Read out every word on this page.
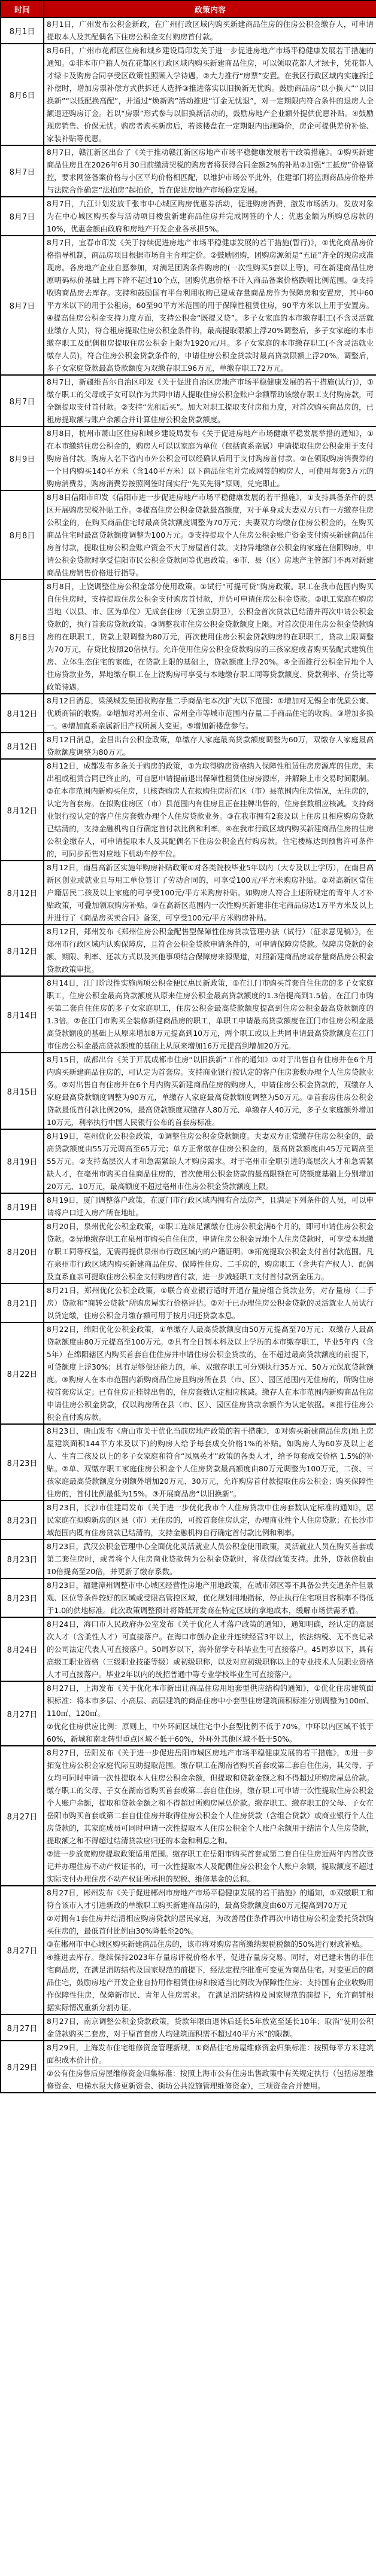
时间	政策内容
8月1日	8月1日，广州发布公积金新政，在广州行政区域内购买新建商品住房的住房公积金缴存人，可申请提取本人及其配偶名下住房公积金支付购房首付款。

8月6日	8月6日，广州市花都区住房和城乡建设局印发关于进一步促进房地产市场平稳健康发展若干措施的通知。①非本市户籍人员在花都区行政区域内购买新建商品住房，可以领取花都人才绿卡，凭花都人才绿卡及购房合同享受区政策性照顾入学待遇。②大力推行“房票”安置。在我区行政区域内实施拆迁补偿时，增加房票补偿方式供拆迁人选择③推进落实以旧换新无忧购。鼓励商品房“以小换大”“以旧换新”“以低配换高配”，并通过“焕新购”活动推进“订金无忧退”，对一定期限内符合条件的退房人全额退还购房订金。若以“房票”形式参与以旧换新活动的，鼓励房地产企业额外提供优惠补贴。④鼓励现房销售、价保无忧。购房者购买新房后，若该楼盘在一定期限内出现降价，房企可提供差价补偿、家装补贴等优惠。

8月7日	8月7日，赣江新区出台了《关于推动赣江新区房地产市场平稳健康发展若干政策措施》。①购买新建商品住房且在2026年6月30日前缴清契税的购房者将获得合同金额2%的补贴②加强“工抵房”价格管控，要求网签备案价格与小区平均价格相匹配，以维护市场公平此外，住建部门将监测商品房价格并与法院合作确定“法拍房”起拍价，旨在促进房地产市场稳定发展。

8月7日	8月7日，九江计划发放千张市中心城区购房优惠券活动，促进购房消费，激发市场活力。发放对象为在中心城区购买参与活动项目楼盘新建商品住房并完成网签的个人；优惠金额为所购总房款的10%，优惠金额由政府和房地产开发企业各承担5%。

8月7日	8月7日，宜春市印发《关于持续促进房地产市场平稳健康发展的若干措施(暂行)》，①优化商品房价格指导机制，商品房项目根据市场自主合理定价。②鼓励团购，团购房源须是“五证”齐全的现房或准现房。各房地产企业自愿参加，对满足团购条件购房的(一次性购买5套以上等)，可在新建商品住房原明码标价基础上再下降不超过10个点，团购优惠价格不计入商品备案价格跌幅比例范围。③支持收购商品房去库存。支持和鼓励国有平台利用收购已建成存量商品房作为保障房和安置房，其中60平方米以下的用于公租房，60至90平方米范围的用于保障性租赁住房，90平方米以上用于安置房。④提高住房公积金支持力度方面，支持公积金“既提又贷”。多子女家庭的本市缴存职工(不含灵活就业缴存人员)，符合租房提取住房公积金条件的，最高提取限额上浮20%调整后，多子女家庭的本市缴存职工及配偶租房提取住房公积金上限为1920元/月。多子女家庭的本市缴存职工(不含灵活就业缴存人员)，符合住房公积金贷款条件的，申请住房公积金贷款时最高贷款限额上浮20%。调整后，多子女家庭贷款最高贷款额度为双缴存职工96万元，单缴存职工72万元。

8月7日	8月7日，新疆维吾尔自治区印发《关于促进自治区房地产市场平稳健康发展的若干措施(试行)》，①缴存职工的父母或子女可以作为共同申请人提取住房公积金账户余额帮助该缴存职工支付购房款，可全额提取支付首付款。②支持“先租后买”。加大对职工提取支付房租力度，对首次购买商品房的，已租房提取额与账户余额合并计算住房公积金贷款额度。

8月9日	8月8日，杭州市萧山区住房和城乡建设局发布《关于促进房地产市场健康平稳发展举措的通知》，①在本市缴纳住房公积金的，购房人可以以家庭为单位（包括直系亲属）申请提取住房公积金用于支付购房首付款。购房人名下省内市外公积金可以经确认后用于支付购房首付款。②在领取购房消费券的一个月内购买140平方米（含140平方米）以下商品住宅并完成网签的购房人，可使用每套3万元的购房消费券，购房消费券按照网签时间实行“先买先得”原则，兑完即止。

8月8日	8月8日信阳市印发《信阳市进一步促进房地产市场平稳健康发展的若干措施》，①支持具备条件的县区开展购房契税补贴工作。②提高住房公积金贷款最高额度，对于单身或夫妻双方只有一方缴存住房公积金的，在购买商品住宅时最高贷款额度调整为70万元；夫妻双方均缴存住房公积金的，在购买商品住宅时最高贷款额度调整为100万元。③支持提取个人住房公积金账户资金支付购买新建商品住房首付款，提取住房公积金账户资金不大于房屋首付款。支持异地缴存公积金的家庭在信阳购房，申请公积金贷款时享受信阳市民公积金贷款同等优惠政策。④市、县（区）房地产主管部门不再对新建商品住房销售价格进行指导。

8月8日	8月8日，上饶调整住房公积金部分使用政策。①试行“可提可贷”购房政策。职工在我市范围内购买自住住房时，支持提取住房公积金支付购房首付款，并仍可申请住房公积金贷款。②职工家庭在购房当地（以县、市、区为单位）无成套住房（无独立厨卫），公积金首次贷款已结清并再次申请公积金贷款的，执行首套房贷款政策。③调整我市住房公积金贷款额度上限。对首次使用住房公积金贷款购房的在职职工，贷款上限调整为80万元，再次使用住房公积金贷款购房的在职职工，贷款上限调整为70万元，存贷比按照20倍执行。允许使用住房公积金贷款购房的三孩家庭或者购买装配式建筑住房、立体生态住宅的家庭，在贷款上限的基础上，贷款额度上浮20%。④全面推行公积金异地个人住房贷款业务，异地缴存职工在上饶购房可享受与本地缴存职工同等贷款额度、贷款利率、存贷比等政策待遇。

8月12日	8月12日消息，梁溪城发集团收购存量二手商品宅本次扩大以下范围：①增加对无锡全市优质公寓、优质商铺的收购。②增加对苏州全市、常州全市等城市范围内存量二手商品住宅的收购。③增加多换一。④增加直系亲属新旧产权所属人变更。⑤增加新楼盘参与。

8月12日	8月12日消息，金昌出台公积金政策，单缴存人家庭最高贷款额度调整为60万，双缴存人家庭最高贷款额度调整为80万元。

8月12日	8月12日，成都发布多条关于购房的政策，①为取得购房资格纳入保障性租赁住房房源库的住房，未出租或租赁合同已终止的，可自愿申请提前退出保障性租赁住房房源库，并解除上市交易时间限制。②在本市范围内新购买住房，只核查购房人在拟购住房所在区（市）县范围内住房情况，无住房的，认定为首套房。在拟购住房区（市）县范围内有住房且正在挂牌出售的，住房套数相应核减。支持商业银行按认定的客户住房套数办理个人住房贷款业务。③在我市拥有2套及以上住房且相应购房贷款已结清的，支持金融机构自行确定首付款比例和利率。④在我市行政区域内购买新建商品住房的住房公积金缴存人，可申请提取本人及其配偶名下住房公积金直付购房款。住宅楼栋达到预售许可条件的，可同步预售对应地下机动车停车位。

8月12日	8月12日，南昌高新区实施年购房补贴政策①对各类院校毕业5年以内（大专及以上学历），在南昌高新区创业或就业且与用工单位签订了劳动合同的，可享受100元/平方米购房补贴。②对高新区常住户籍居民二孩及以上家庭的可享受100元/平方米购房补贴。如购房人符合上述所规定的青年人才补贴政策，可叠加领取购房补贴。③在高新区范围内一次性购买新建非住宅商品房达1万平方米及以上并进行了《商品房买卖合同》备案，可享受100元/平方米购房补贴。

8月12日	8月12日，郑州发布《郑州住房公积金配售型保障性住房贷款管理办法（试行）（征求意见稿）》，在郑州市行政区域内认购保障房，且符合公积金贷款申请条件的，可申请保障房贷款。保障房贷款的金额、期限、利率、还款方式以及其他事项结合保障房来源渠道，对照新建商品房或存量商品房公积金贷款政策审批。

8月14日	8月14日，江门阶段性实施两项公积金便民惠民新政策，①在江门市购买首套自住住房的多子女家庭职工，住房公积金最高贷款额度从原来住房公积金最高贷款额度的1.3倍提高到1.5倍。在江门市购买第二套自住住房的多子女家庭职工，住房公积金最高贷款额度提高到住房公积金最高贷款额度的1.3倍。②在江门市购买全装修新建商品房的职工，单职工申请最高贷款额度在江门市住房公积金最高贷款额度的基础上从原来增加8万元提高到10万元，两个职工或以上共同申请最高贷款额度在江门市住房公积金最高贷款额度的基础上从原来增加16万元提高到增加20万元。

8月15日	8月15日，成都出台《关于开展成都市住房“以旧换新”工作的通知》①对于出售自有住房并在6个月内购买新建商品住房的，可认定为首套房。支持商业银行按认定的客户住房套数办理个人住房贷款业务。②对出售自有住房并在6个月内购买新建商品住房的购房人，申请住房公积金贷款的，双缴存人家庭最高贷款额度调整为90万元，单缴存人家庭最高贷款额度调整为50万元。③首套房住房公积金贷款最低首付款比例20%，最高贷款额度双缴存人80万元、单缴存人40万元，多子女家庭额外增加10万元，利率执行中国人民银行公布的首套房标准。

8月19日	8月19日，亳州优化公积金政策，①调整住房公积金贷款额度。夫妻双方正常缴存住房公积金的，最高贷款额度由55万元调高至65万元；单方正常缴存住房公积金的，最高贷款额度由45万元调高至55万元。②支持高层次人才和急需紧缺人才购房需求。对于亳州市全职引进的高层次人才和急需紧缺人才，在亳州市购买自住商品住房的，首次使用公积金贷款的最高限额在可贷额度基础上分别增加20万元、10万元，最高额度不超过亳州市住房公积金贷款额度上限。

8月19日	8月19日，厦门调整落户政策，在厦门市行政区域内拥有合法房产，且满足下列条件的人员，可以申请将户口迁入房产所在地址。

8月20日	8月20日，泉州优化公积金政策，①职工连续足额缴存住房公积金满6个月的，即可申请住房公积金贷款。②异地缴存职工在泉州市购买自住住房，申请住房公积金异地个人住房贷款时，可享受本地缴存职工同等权益，无需再提供泉州市行政区域内的户籍证明。③拓宽提取公积金支付首付款范围。凡在泉州市行政区域内购买新建商品住房、保障性住房、二手房的，购房职工（含共有产权人）、配偶及直系血亲可提取住房公积金支付购房首付款，进一步减轻职工支付首付款资金压力。

8月21日	8月21日，郑州优化公积金政策，①联合商业银行适时开通存量房组合贷款业务，对存量房（二手房）贷款和“商转公贷款”所购房屋实行价格评估。②对于已办理住房公积金贷款的灵活就业人员试行以贷定缴，住房公积金月缴存额可用于按月归还贷款本息。

8月22日	8月22日，绵阳优化公积金政策，①单缴存人最高贷款额度由50万元提高至70万元；双缴存人最高贷款额度由80万元提高至100万元。②具有全日制本科及以上学历的本市缴存职工，毕业5年内（含5年）在绵阳辖区内购买首套自住住房并申请住房公积金贷款的，在不超过最高贷款额度的前提下，可贷额度上浮30%；具有足够偿还能力的，单、双缴存职工可分别执行35万元、50万元保底贷款额度。③购房人在本市范围内新购商品住房且购房所在县（市、区）、园区范围内无住房的，所购住房按首套房认定；已有住房正挂牌出售的，住房套数认定相应核减。缴存人在本市范围内新购商品住房申请住房公积金贷款，仅以购房所在县（市、区）、园区住房贷款余额作为认定依据。④推行住房公积金直付购房款。

8月23日	8月23日，唐山发布《唐山市关于优化当前房地产政策的若干措施》，①对购买新建商品住房(地上房屋建筑面积144平方米及以下)的购房人给予每套成交价格1%的补贴。如购房人为60岁及以上老人、生育二孩及以上的多子女家庭和符合“凤凰英才”政策的各类人才，给予每套成交价格 1.5%的补贴。②单、双缴存职工家庭住房公积金个人住房贷款最高额度由80万元调整为100万元，二孩、三孩家庭最高贷款额度分别额外增加20万元、30万元，允许购房首付款提取住房公积金；购买保障性住房的，首付比例最低为15%。③开展商品房“以旧换新”。

8月23日	8月23日，长沙市住建局发布《关于进一步优化我市个人住房贷款中住房套数认定标准的通知》，居民家庭在拟购新房的区县（市）无住房的，可按首套住房认定，办理商业性个人住房贷款；在长沙市域范围内既有住房贷款已结清的，支持金融机构自行确定首付款比例和利率。

8月23日	8月23日，武汉公积金管理中心全面优化灵活就业人员公积金使用政策，灵活就业人员在购买首套或第二套住房时，或者将个人住房商业贷款转为公积金贷款时，将获得政策支持。此外，贷款倍数由10倍提高至20倍，并更新了缴存系数。

8月23日	8月23日，福建漳州调整市中心城区经营性房地产用地政策，在城市郊区等不具备公共交通条件但景观、区位等条件较好的区域或受限高管控区域，优化规划用地指标，停止执行住宅项目容积率不得低于1.0的供地标准。此次政策调整预计将降低开发商在特定区域的拿地成本，缓解市场供需矛盾。

8月24日	8月24日，海口市人民政府办公室发布《关于优化人才落户政策的通知》，通知明确，经认定的高层次人才（含柔性人才）可直接落户。在海口市创办企业并连续经营3年以上，依法纳税、无不良记录的公司法定代表人可直接落户。50周岁以下，海外留学专科毕业生可直接落户。45周岁以下，具有高级工职业资格（三级职业技能等级）或初级职称，以及对应初级职称以上的专业技术人员职业资格人才可直接落户。毕业2年以内的统招普通中等专业学校毕业生可直接落户。

8月27日	8月27日，上海发布《关于优化本市新出让商品住房用地套型供应结构的通知》，①优化住房建筑面积标准：将本市多层、小高层、高层建筑的商品住房中小套型住房建筑面积标准分别调整为100㎡、110㎡、120㎡。
②优化住房供应比例：原则上，中外环间区域住宅中小套型比例不低于70%，中环以内区域不低于60%，新城和南北转型重点区域不低于60%，外环外其他区域不低于50%。

8月27日	8月27日，岳阳发布《关于进一步促进岳阳市城区房地产市场平稳健康发展的若干措施》，①进一步拓宽住房公积金家庭代际互助提取范围。缴存职工在湖南省购买首套或第二套自住住房，其父母、子女均可同时申请一次性提取本人住房公积金余额，但提取和贷款金额之和不得超过所购房屋总价款。缴存职工的父母、子女在湖南省购买首套或第二套自住住房，缴存职工可申请一次性提取住房公积金个人账户余额，提取和贷款金额之和不得超过所购房屋总价款。缴存职工、缴存职工的父母、子女在岳阳市购买首套或第二套自住住房并取得住房公积金个人住房贷款（含组合贷款）或商业银行个人住房贷款的，其家庭成员可同时申请一次性提取本人住房公积金个人账户余额用于结清个人住房贷款，提取额之和不得超过结清贷款应归还的本金和利息之和。
②进一步放宽购房提取政策适用范围。缴存职工在岳阳市购买首套或第二套自住住房近两年内首次登记并办理住房不动产权证书的，可一次性提取本人及配偶住房公积金个人账户余额，提取额度不超过实际支付办理住房不动产权证所承担的契税、维修基金的总和。

8月27日	8月27日，彬州发布《关于促进郴州市房地产市场平稳健康发展的若干措施》的通知，①双缴职工和符合该市人才引进新政的单缴职工购买新建商品房的，最高贷款额度由60万元提高到70万元
②对拥有1套住房并结清相应购房贷款的居民家庭，为改善居住条件再次申请住房公积金委托贷款购买住房的，最低首付比例由30%降低至20%。
③在郴州市中心城区购买新建商品住房的，该市将对购房者所缴纳契税税额的50%进行财政补贴。
④推进去库存。继续保持2023年存量房评税价格水平，促进存量房交易。同时，对已建未售的非住宅商品房，在满足消防结构及国家规范的前提下，经法定程序批准可变更为商品住宅。对变更后的商品住宅，鼓励房地产开发企业自持用作租赁住房和按适当比例改为保障性住房；支持国有企业收购用作保障性住房，保障新市民、青年人住房需求。 在满足消防结构及国家规范的前提下，允许商铺根据实际情况重新分割办证。

8月27日	8月27日，南京调整公积金贷款政策，贷款年限由退休后延长5年放宽至延长10年；取消“使用公积金贷款购买二套房，对于原首套房人均建筑面积需不超过40平方米”的限制。

8月29日	8月29日，上海发布住宅维修资金管理新规，①商品住宅房屋维修资金归集标准：按照每平方米建筑面积成本价计价。
②公有住房售后房屋维修资金归集标准：按照上海市公有住房出售政策中有关规定执行（包括房屋维修资金、电梯水泵大修更新资金、街坊公共设施管理维修资金），三项资金合并使用。
